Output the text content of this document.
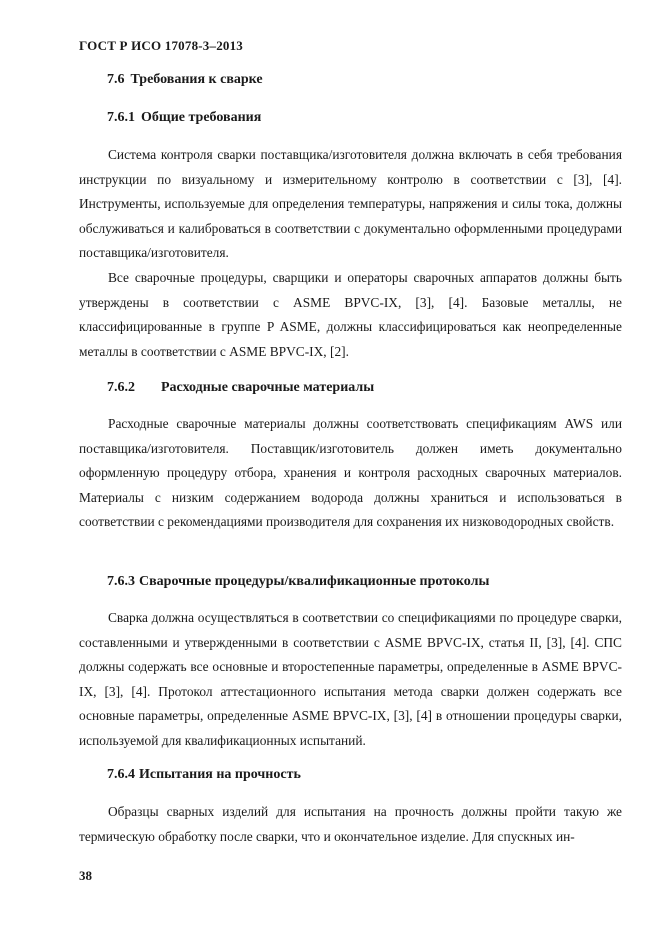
ГОСТ Р ИСО 17078-3–2013
7.6 Требования к сварке
7.6.1 Общие требования

Система контроля сварки поставщика/изготовителя должна включать в себя требования инструкции по визуальному и измерительному контролю в соответствии с [3], [4]. Инструменты, используемые для определения температуры, напряжения и силы тока, должны обслуживаться и калиброваться в соответствии с документально оформленными процедурами поставщика/изготовителя.

Все сварочные процедуры, сварщики и операторы сварочных аппаратов должны быть утверждены в соответствии с ASME BPVC-IX, [3], [4]. Базовые металлы, не классифицированные в группе P ASME, должны классифицироваться как неопределенные металлы в соответствии с ASME BPVC-IX, [2].

7.6.2 Расходные сварочные материалы

Расходные сварочные материалы должны соответствовать спецификациям AWS или поставщика/изготовителя. Поставщик/изготовитель должен иметь документально оформленную процедуру отбора, хранения и контроля расходных сварочных материалов. Материалы с низким содержанием водорода должны храниться и использоваться в соответствии с рекомендациями производителя для сохранения их низководородных свойств.

7.6.3 Сварочные процедуры/квалификационные протоколы

Сварка должна осуществляться в соответствии со спецификациями по процедуре сварки, составленными и утвержденными в соответствии с ASME BPVC-IX, статья II, [3], [4]. СПС должны содержать все основные и второстепенные параметры, определенные в ASME BPVC-IX, [3], [4]. Протокол аттестационного испытания метода сварки должен содержать все основные параметры, определенные ASME BPVC-IX, [3], [4] в отношении процедуры сварки, используемой для квалификационных испытаний.

7.6.4 Испытания на прочность

Образцы сварных изделий для испытания на прочность должны пройти такую же термическую обработку после сварки, что и окончательное изделие. Для спускных ин-

38
